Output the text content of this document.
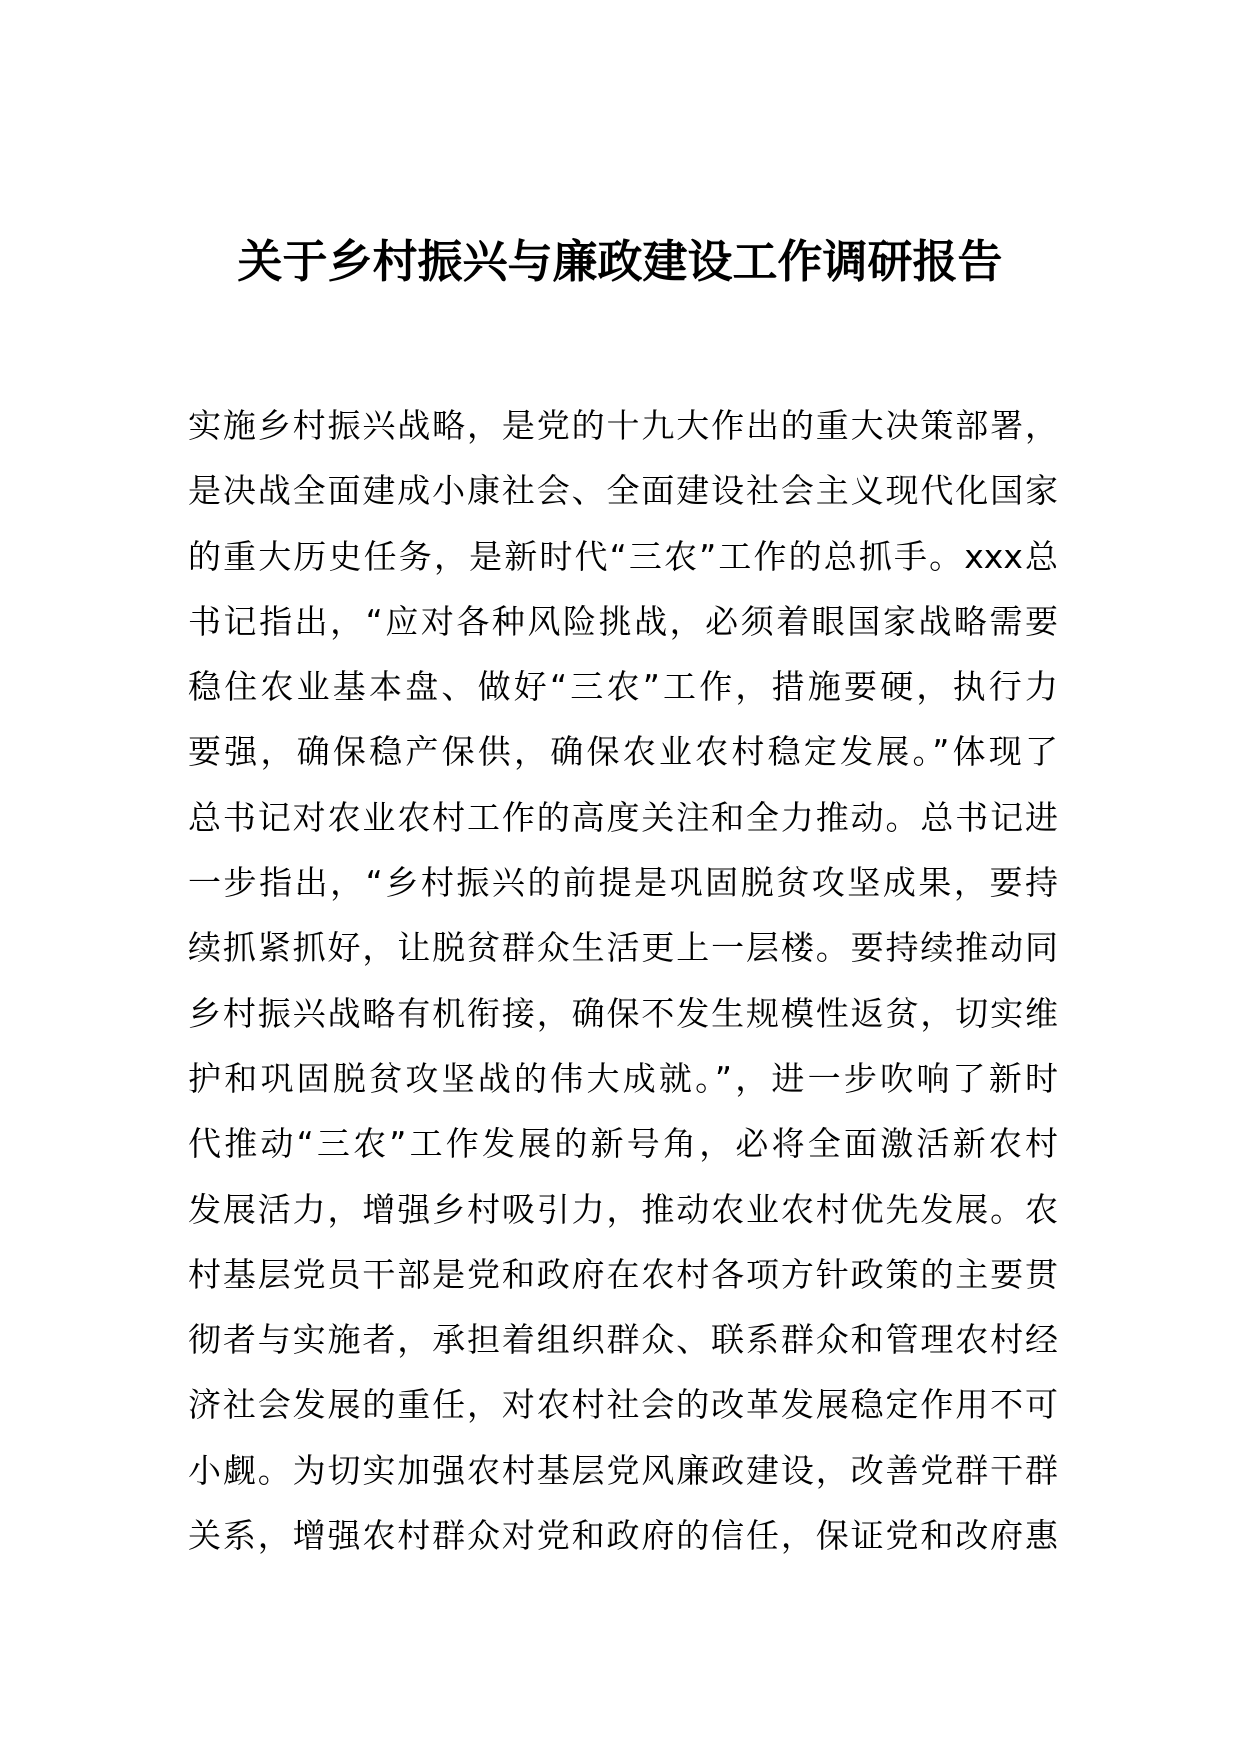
关于乡村振兴与廉政建设工作调研报告
实施乡村振兴战略，是党的十九大作出的重大决策部署，
是决战全面建成小康社会、全面建设社会主义现代化国家
的重大历史任务，是新时代“三农”工作的总抓手。xxx总
书记指出，“应对各种风险挑战，必须着眼国家战略需要
稳住农业基本盘、做好“三农”工作，措施要硬，执行力
要强，确保稳产保供，确保农业农村稳定发展。”体现了
总书记对农业农村工作的高度关注和全力推动。总书记进
一步指出，“乡村振兴的前提是巩固脱贫攻坚成果，要持
续抓紧抓好，让脱贫群众生活更上一层楼。要持续推动同
乡村振兴战略有机衔接，确保不发生规模性返贫，切实维
护和巩固脱贫攻坚战的伟大成就。”，进一步吹响了新时
代推动“三农”工作发展的新号角，必将全面激活新农村
发展活力，增强乡村吸引力，推动农业农村优先发展。农
村基层党员干部是党和政府在农村各项方针政策的主要贯
彻者与实施者，承担着组织群众、联系群众和管理农村经
济社会发展的重任，对农村社会的改革发展稳定作用不可
小觑。为切实加强农村基层党风廉政建设，改善党群干群
关系，增强农村群众对党和政府的信任，保证党和改府惠
